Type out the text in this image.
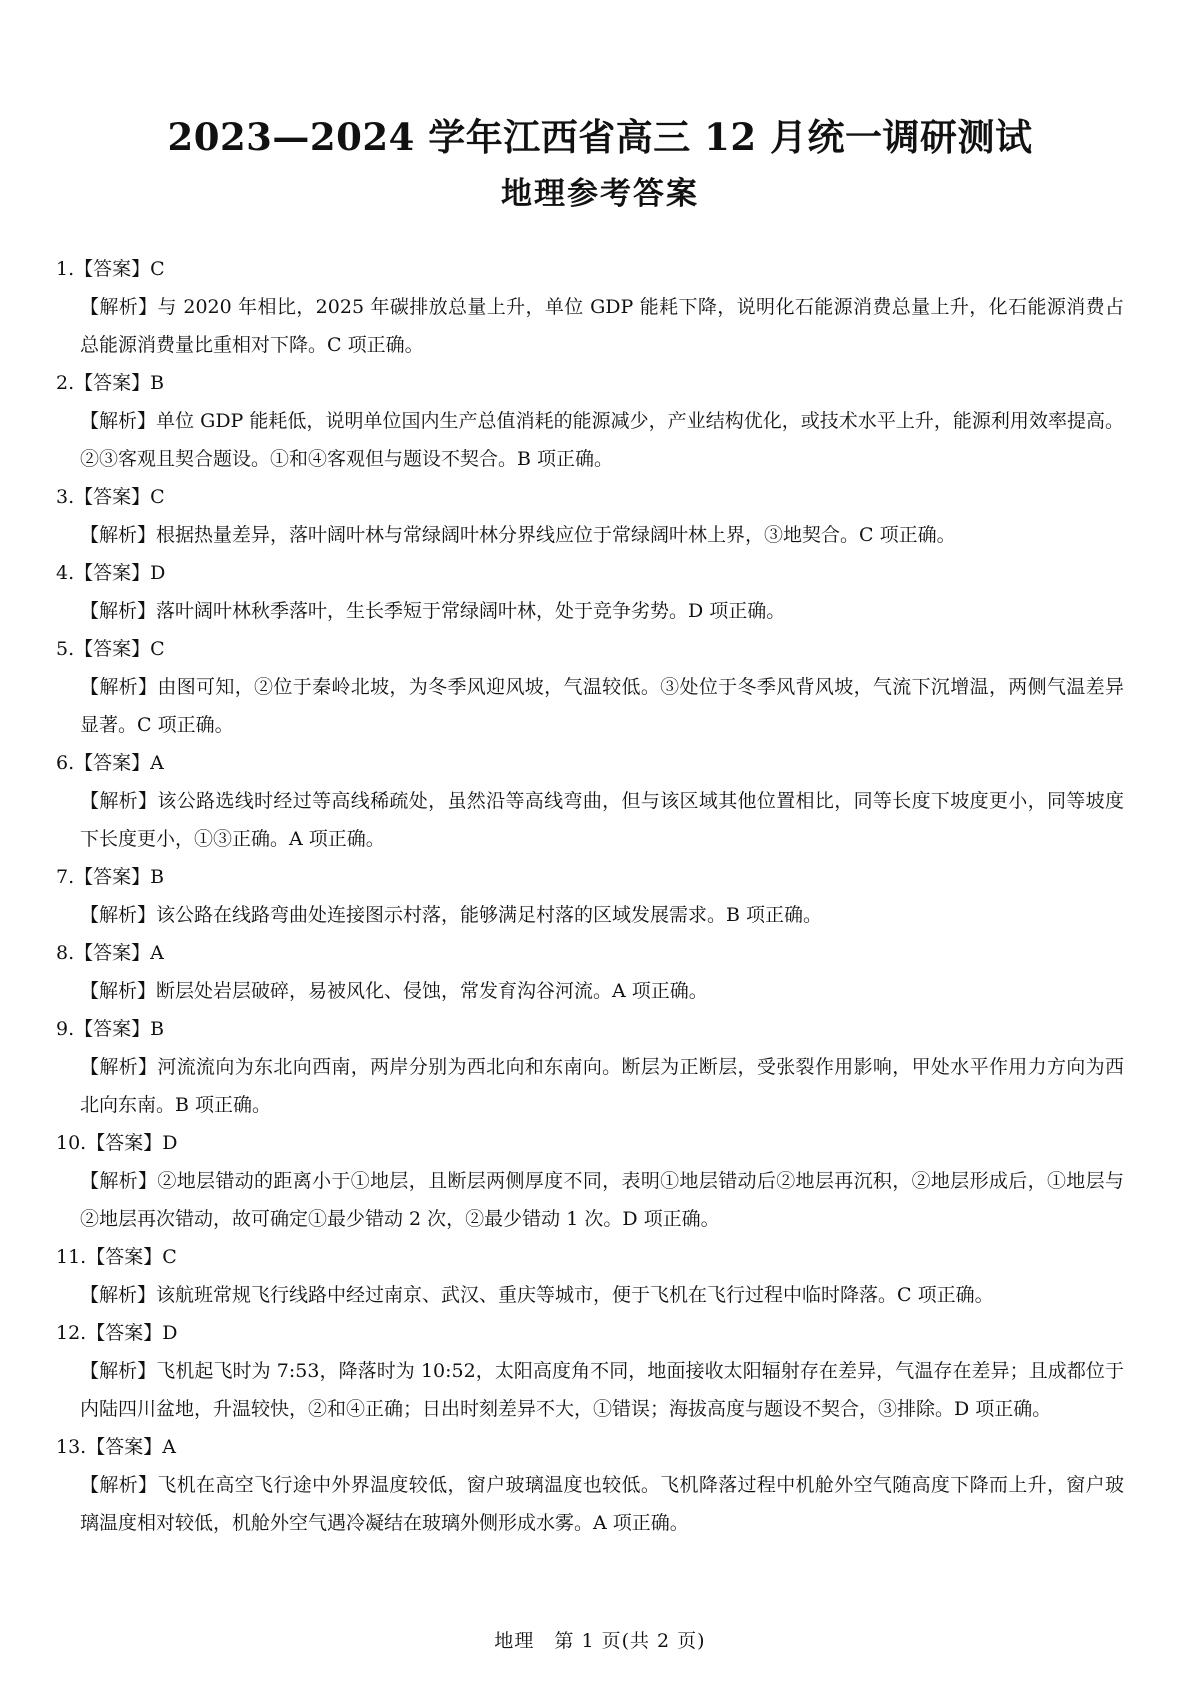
2023—2024 学年江西省高三 12 月统一调研测试
地理参考答案
1.【答案】C
【解析】与 2020 年相比，2025 年碳排放总量上升，单位 GDP 能耗下降，说明化石能源消费总量上升，化石能源消费占总能源消费量比重相对下降。C 项正确。
2.【答案】B
【解析】单位 GDP 能耗低，说明单位国内生产总值消耗的能源减少，产业结构优化，或技术水平上升，能源利用效率提高。②③客观且契合题设。①和④客观但与题设不契合。B 项正确。
3.【答案】C
【解析】根据热量差异，落叶阔叶林与常绿阔叶林分界线应位于常绿阔叶林上界，③地契合。C 项正确。
4.【答案】D
【解析】落叶阔叶林秋季落叶，生长季短于常绿阔叶林，处于竞争劣势。D 项正确。
5.【答案】C
【解析】由图可知，②位于秦岭北坡，为冬季风迎风坡，气温较低。③处位于冬季风背风坡，气流下沉增温，两侧气温差异显著。C 项正确。
6.【答案】A
【解析】该公路选线时经过等高线稀疏处，虽然沿等高线弯曲，但与该区域其他位置相比，同等长度下坡度更小，同等坡度下长度更小，①③正确。A 项正确。
7.【答案】B
【解析】该公路在线路弯曲处连接图示村落，能够满足村落的区域发展需求。B 项正确。
8.【答案】A
【解析】断层处岩层破碎，易被风化、侵蚀，常发育沟谷河流。A 项正确。
9.【答案】B
【解析】河流流向为东北向西南，两岸分别为西北向和东南向。断层为正断层，受张裂作用影响，甲处水平作用力方向为西北向东南。B 项正确。
10.【答案】D
【解析】②地层错动的距离小于①地层，且断层两侧厚度不同，表明①地层错动后②地层再沉积，②地层形成后，①地层与②地层再次错动，故可确定①最少错动 2 次，②最少错动 1 次。D 项正确。
11.【答案】C
【解析】该航班常规飞行线路中经过南京、武汉、重庆等城市，便于飞机在飞行过程中临时降落。C 项正确。
12.【答案】D
【解析】飞机起飞时为 7:53，降落时为 10:52，太阳高度角不同，地面接收太阳辐射存在差异，气温存在差异；且成都位于内陆四川盆地，升温较快，②和④正确；日出时刻差异不大，①错误；海拔高度与题设不契合，③排除。D 项正确。
13.【答案】A
【解析】飞机在高空飞行途中外界温度较低，窗户玻璃温度也较低。飞机降落过程中机舱外空气随高度下降而上升，窗户玻璃温度相对较低，机舱外空气遇冷凝结在玻璃外侧形成水雾。A 项正确。
地理　第 1 页(共 2 页)
